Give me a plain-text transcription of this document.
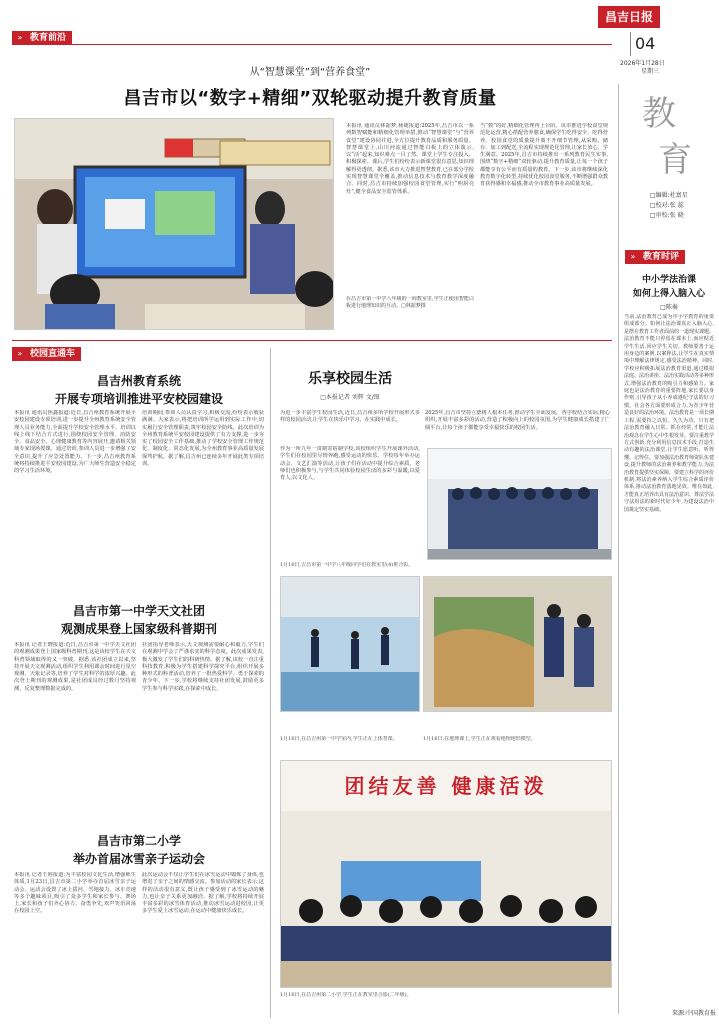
昌吉日报
04
2026年1月28日
星期三
» 教育前沿
从“智慧课堂”到“营养食堂”
昌吉市以“数字+精细”双轮驱动提升教育质量
本报讯 通讯员林韶梦,杨婕报道:2025年,昌吉市以一系列数智赋能和精细化管理举措,推动“智慧课堂”与“营养食堂”建设协同并进,全方位提升教育品质和服务质量。智慧课堂上,山川河流通过智能白板上的立体演示,以“活”起来,知识难点一目了然。课堂上学生专注投入、积极探索。课后,学生们纷纷表示新课堂很有意思,知识理解得更透彻。据悉,该市大力推进智慧教育,已在部分学校实现智慧课堂全覆盖,推动信息技术与教育教学深度融合。同时,昌吉市持续加强校园食堂管理,实行“明厨亮灶”,健全食品安全监管体系。
当“数”的好,精细化管理再上台阶。该市推进学校食堂规范化运营,精心搭配营养膳食,确保学生吃得安全、吃得营养。校园食堂的质量提升离不开细节管理,从采购、储存、加工到配送,全流程实现规范化管理,让家长放心、学生满意。2025年,昌吉市持续推出一系列教育民生实事,围绕“数字+精细”双轮驱动,提升教育质量,让每一个孩子都能享有公平而有质量的教育。下一步,该市将继续深化教育数字化转型,持续优化校园食堂服务,不断增强群众教育获得感和幸福感,推动全市教育事业高质量发展。
在昌吉市第一中学八年级的一间教室里,学生正使用智能白板进行地理知识的互动。□林韶梦摄
» 校园直通车
昌吉州教育系统
开展专项培训推进平安校园建设
本报讯 通讯员焦鑫报道:近日,昌吉州教育系统开展平安校园建设专项培训,进一步提升全州教育系统安全管理人员业务能力,全面提升学校安全管理水平。培训以线上线下结合方式进行,围绕校园安全管理、消防安全、食品安全、心理健康教育等内容展开,邀请相关领域专家现场授课。通过培训,参训人员进一步增强了安全意识,提升了应急处置能力。下一步,昌吉州教育系统将持续推进平安校园建设,为广大师生营造安全稳定的学习生活环境。
培训期间,参训人员认真学习,积极交流,纷纷表示收获满满。大家表示,将把培训所学运用到实际工作中,切实履行安全管理职责,筑牢校园安全防线。此次培训为全州教育系统平安校园建设提供了有力支撑,进一步夯实了校园安全工作基础,推动了学校安全管理工作规范化、制度化、常态化发展,为全州教育事业高质量发展保驾护航。据了解,昌吉州已连续多年开展此类专项培训。
昌吉市第一中学天文社团
观测成果登上国家级科普期刊
本报讯 记者王晓报道:近日,昌吉市第一中学天文社团的观测成果登上国家级科普期刊,这是该校学生在天文科普领域取得的又一突破。据悉,该社团成立以来,坚持开展天文观测活动,组织学生利用课余时间进行星空观测、天象记录等,培养了学生对科学的浓厚兴趣。此次登上期刊的观测成果,是社团成员经过数月坚持观测、反复整理数据完成的。
社团指导老师表示,天文观测需要耐心和毅力,学生们在观测中学会了严谨求实的科学态度。此次成果发表,极大激发了学生们的科研热情。据了解,该校一直注重科技教育,积极为学生搭建科学探究平台,组织开展多种形式的科普活动,培养了一批热爱科学、勇于探索的青少年。下一步,学校将继续支持社团发展,鼓励更多学生参与科学实践,在探索中成长。
昌吉市第二小学
举办首届冰雪亲子运动会
本报讯 记者王婷报道:为丰富校园文化生活,增强师生体质,1月23日,昌吉市第二小学举办首届冰雪亲子运动会。运动会设置了冰上拔河、雪地接力、冰车竞速等多个趣味项目,吸引了众多学生和家长参与。赛场上,家长和孩子们齐心协力、奋勇争先,欢声笑语回荡在校园上空。
此次运动会不仅让学生们在冰雪运动中锻炼了身体,也增进了亲子之间的情感交流。参加活动的家长表示,这样的活动很有意义,既让孩子感受到了冰雪运动的魅力,也让亲子关系更加融洽。据了解,学校将持续开展丰富多彩的冰雪体育活动,推动冰雪运动进校园,让更多学生爱上冰雪运动,在运动中健康快乐成长。
乐享校园生活
□本报记者 刘辉 文/图
为进一步丰富学生校园生活,近日,昌吉州多所学校开展形式多样的校园活动,让学生在快乐中学习、在实践中成长。
2025年,昌吉市坚持立德树人根本任务,推动学生全面发展。各学校结合实际,精心组织,开展丰富多彩的活动,营造了积极向上的校园氛围,为学生健康成长搭建了广阔平台,让每个孩子都能享受幸福快乐的校园生活。
作为一所九年一贯制寄宿制学校,该校组织学生开展课外活动,学生们在校园里尽情奔跑,感受运动的快乐。学校每年举办运动会、文艺汇演等活动,让孩子们在活动中提升综合素质。老师们也积极参与,与学生共同体验校园生活的多彩与温暖,以爱育人,以文化人。
1月16日,吉昌市第一中学八年级同学们在教室里(4)班合影。
1月16日,在昌吉州第一中学室内,学生正在上体育课。	1月16日,在地理课上,学生正在观看地理地形模型。
团结友善 健康活泼
1月16日,在昌吉州第二小学,学生正在教室里合影(二年级)。
教
育
□编辑:杜富星
□校对:张 蕊
□审校:张 晓
» 教育时评
中小学法治课
如何上得入脑入心
□陈奏
当前,法治教育已成为中小学教育的重要组成部分。如何让法治课真正入脑入心,是摆在教育工作者面前的一道现实课题。法治教育不能只停留在课本上,而应贴近学生生活,回应学生关切。教师要善于运用身边的案例,以案释法,让学生在真实情境中理解法律规定,感受法治精神。同时,学校应积极拓展法治教育渠道,通过模拟法庭、法治讲座、法治实践活动等多种形式,增强法治教育的吸引力和感染力。家庭也是法治教育的重要阵地,家长要以身作则,引导孩子从小养成遵纪守法的好习惯。社会各方面要形成合力,为青少年营造良好的法治环境。法治教育是一项长期工程,需要持之以恒、久久为功。只有把法治教育融入日常、抓在经常,才能让法治观念在学生心中生根发芽。要注重教学方式创新,充分利用信息技术手段,打造生动有趣的法治课堂,让学生愿意听、听得懂、记得住。要加强法治教育师资队伍建设,提升教师的法治素养和教学能力,为法治教育提供坚实保障。要建立科学的评价机制,将法治素养纳入学生综合素质评价体系,推动法治教育落地见效。唯有如此,才能真正培养出具有法治意识、尊法学法守法用法的新时代好少年,为建设法治中国奠定坚实基础。
来源:中国教育报
